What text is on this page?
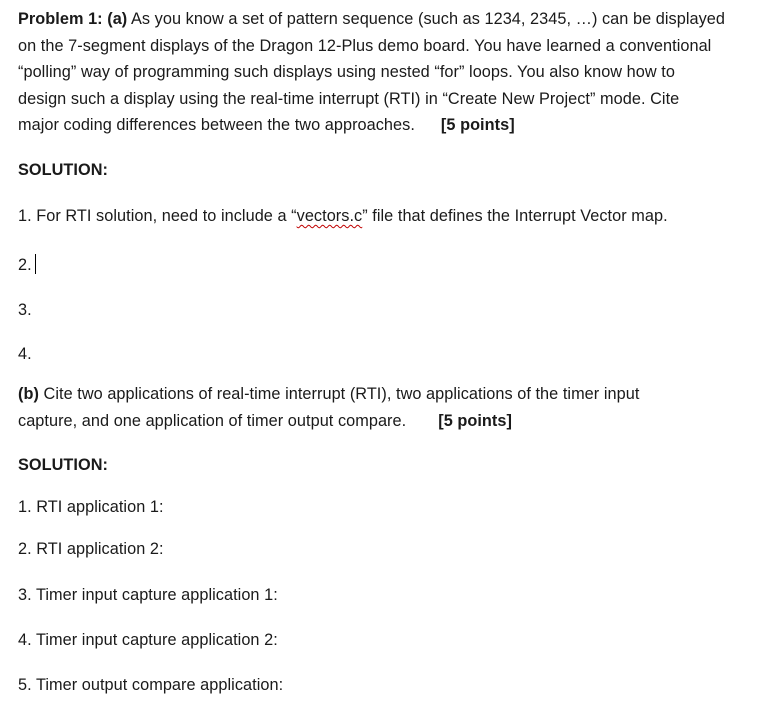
Problem 1: (a) As you know a set of pattern sequence (such as 1234, 2345, …) can be displayed

on the 7-segment displays of the Dragon 12-Plus demo board. You have learned a conventional

“polling” way of programming such displays using nested “for” loops. You also know how to

design such a display using the real-time interrupt (RTI) in “Create New Project” mode. Cite

major coding differences between the two approaches. [5 points]

SOLUTION:
1. For RTI solution, need to include a “vectors.c” file that defines the Interrupt Vector map.
2.
3.
4.

(b) Cite two applications of real-time interrupt (RTI), two applications of the timer input

capture, and one application of timer output compare. [5 points]

SOLUTION:
1. RTI application 1:
2. RTI application 2:
3. Timer input capture application 1:
4. Timer input capture application 2:
5. Timer output compare application:
